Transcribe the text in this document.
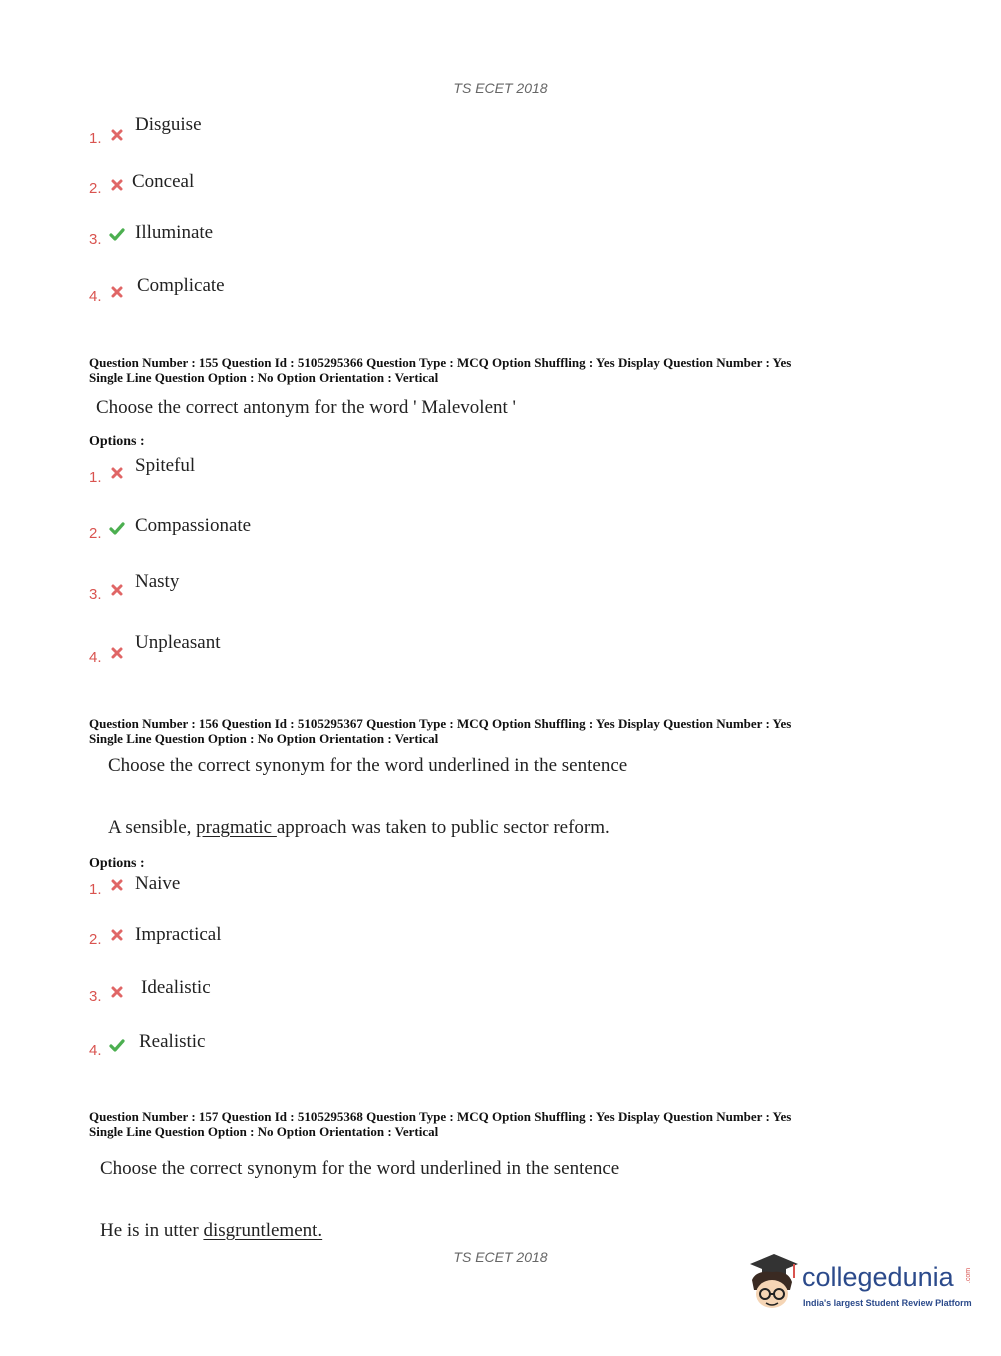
TS ECET 2018
1.
Disguise
2. Conceal
3. Illuminate
4.
Complicate
Question Number : 155 Question Id : 5105295366 Question Type : MCQ Option Shuffling : Yes Display Question Number : Yes
Single Line Question Option : No Option Orientation : Vertical
Choose the correct antonym for the word ' Malevolent '
Options :
1.
Spiteful
2. Compassionate
3.
Nasty
4.
Unpleasant
Question Number : 156 Question Id : 5105295367 Question Type : MCQ Option Shuffling : Yes Display Question Number : Yes
Single Line Question Option : No Option Orientation : Vertical
Choose the correct synonym for the word underlined in the sentence
A sensible, pragmatic approach was taken to public sector reform.
Options :
1. Naive
2. Impractical
3. Idealistic
4. Realistic
Question Number : 157 Question Id : 5105295368 Question Type : MCQ Option Shuffling : Yes Display Question Number : Yes
Single Line Question Option : No Option Orientation : Vertical
Choose the correct synonym for the word underlined in the sentence
He is in utter disgruntlement.
TS ECET 2018
collegedunia .com
India's largest Student Review Platform
